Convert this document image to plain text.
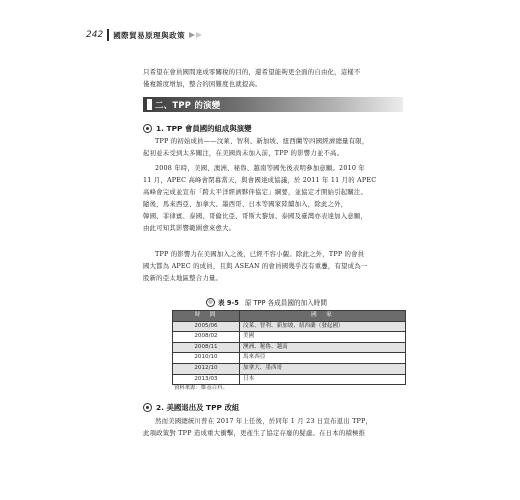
242 國際貿易原理與政策
只希望在會員國間達成零關稅的目的，還希望能夠更全面的自由化，這樣不
僅複雜度增加，整合的困難度也就提高。
二、TPP 的演變
1. TPP 會員國的組成與演變
TPP 的初始成員——汶萊、智利、新加坡、紐西蘭等四國經濟總量有限，
起初並未受到太多關注，在美國尚未加入前，TPP 的影響力並不高。
2008 年時，美國、澳洲、秘魯、越南等國先後表明參加意願。2010 年
11 月，APEC 高峰會閉幕當天，與會國達成協議，於 2011 年 11 月的 APEC
高峰會完成並宣布「跨太平洋經濟夥伴協定」綱要，並協定才開始引起關注。
隨後，馬來西亞、加拿大、墨西哥、日本等國家陸續加入，除此之外，
韓國、菲律賓、泰國、哥倫比亞、哥斯大黎加、泰國及臺灣亦表達加入意願，
由此可知其影響範圍愈來愈大。
TPP 的影響力在美國加入之後，已經不容小覷。除此之外，TPP 的會員
國大都為 APEC 的成員，且與 ASEAN 的會員國幾乎沒有重疊，有望成為一
股新的亞太地區整合力量。
◎ 表 9-5 原 TPP 各成員國的加入時間
時　間	國　家
2005/06	汶萊、智利、新加坡、紐西蘭（發起國）
2008/02	美國
2008/11	澳洲、秘魯、越南
2010/10	馬來西亞
2012/10	加拿大、墨西哥
2013/03	日本
資料來源：維基百科。
2. 美國退出及 TPP 改組
然而美國總統川普在 2017 年上任後，於同年 1 月 23 日宣布退出 TPP，
此項政策對 TPP 造成重大衝擊，更產生了協定存廢的疑慮。在日本的積極推
